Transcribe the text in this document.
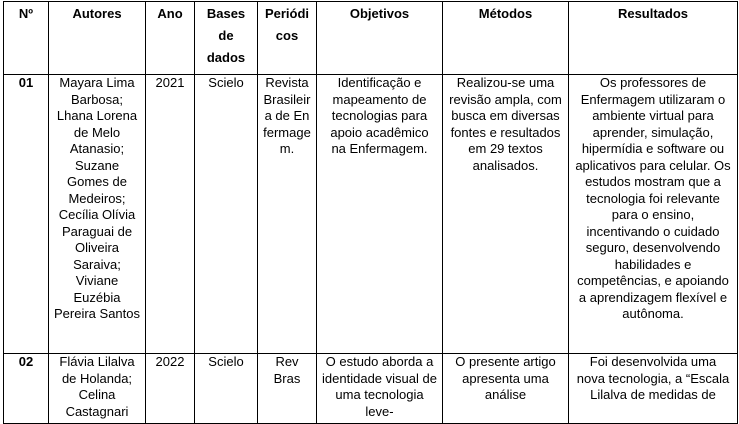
Nº	Autores	Ano	Bases de dados	Periódi cos	Objetivos	Métodos	Resultados
01	Mayara Lima Barbosa; Lhana Lorena de Melo Atanasio; Suzane Gomes de Medeiros; Cecília Olívia Paraguai de Oliveira Saraiva; Viviane Euzébia Pereira Santos	2021	Scielo	Revista Brasileira de Enfermagem.	Identificação e mapeamento de tecnologias para apoio acadêmico na Enfermagem.	Realizou-se uma revisão ampla, com busca em diversas fontes e resultados em 29 textos analisados.	Os professores de Enfermagem utilizaram o ambiente virtual para aprender, simulação, hipermídia e software ou aplicativos para celular. Os estudos mostram que a tecnologia foi relevante para o ensino, incentivando o cuidado seguro, desenvolvendo habilidades e competências, e apoiando a aprendizagem flexível e autônoma.
02	Flávia Lilalva de Holanda; Celina Castagnari	2022	Scielo	Rev Bras	O estudo aborda a identidade visual de uma tecnologia leve-	O presente artigo apresenta uma análise	Foi desenvolvida uma nova tecnologia, a “Escala Lilalva de medidas de
